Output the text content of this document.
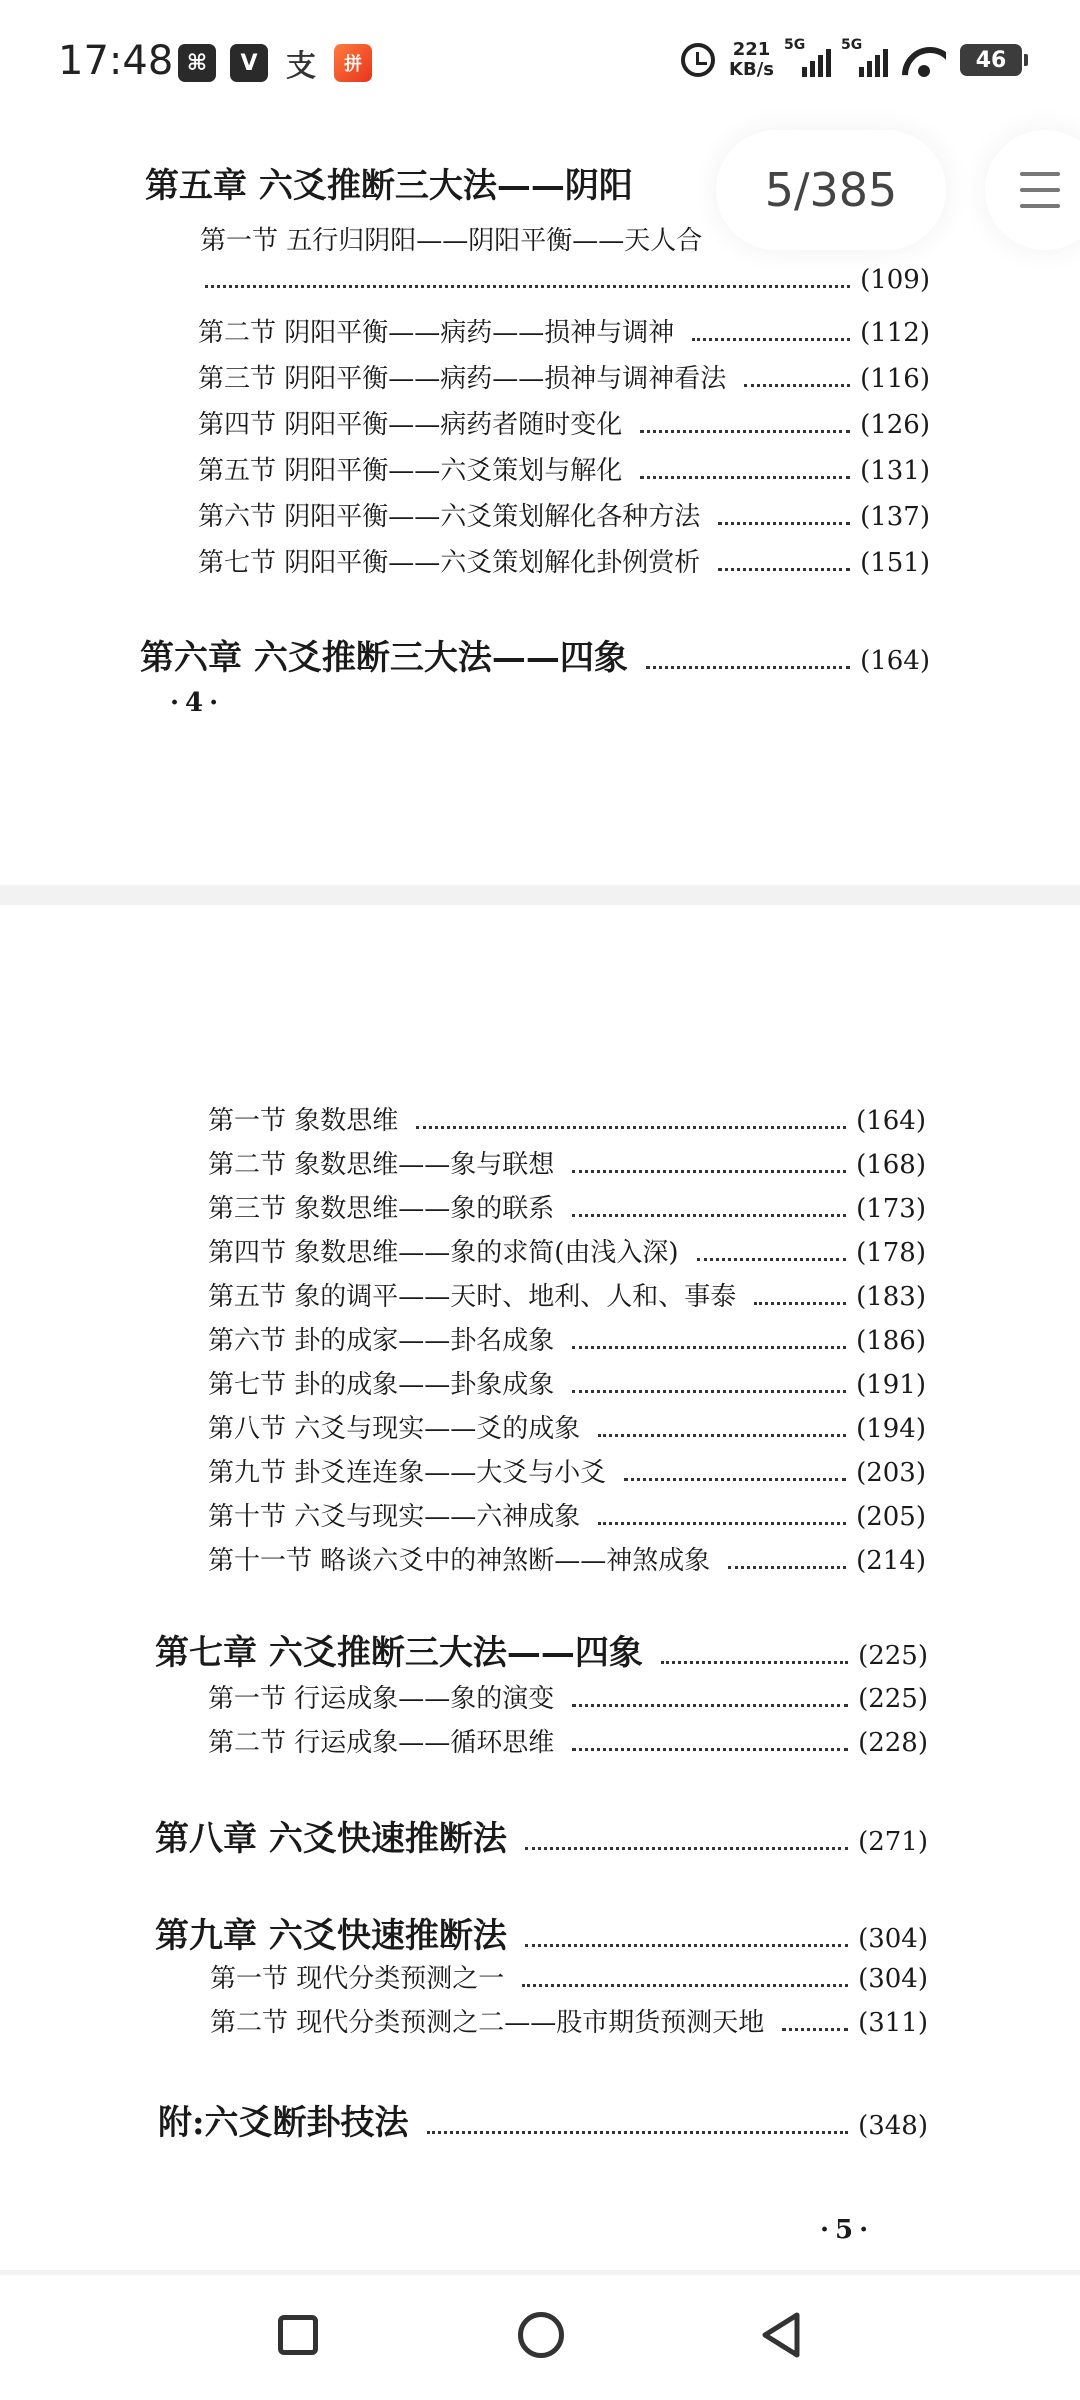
17:48 ⌘	V 支	拼
221
KB/s
5G	5G
46
第五章 六爻推断三大法——阴阳
第一节 五行归阴阳——阴阳平衡——天人合
(109)
第二节 阴阳平衡——病药——损神与调神	(112)
第三节 阴阳平衡——病药——损神与调神看法	(116)
第四节 阴阳平衡——病药者随时变化	(126)
第五节 阴阳平衡——六爻策划与解化	(131)
第六节 阴阳平衡——六爻策划解化各种方法	(137)
第七节 阴阳平衡——六爻策划解化卦例赏析	(151)
第六章 六爻推断三大法——四象	(164)
·4·
第一节 象数思维	(164)
第二节 象数思维——象与联想	(168)
第三节 象数思维——象的联系	(173)
第四节 象数思维——象的求简(由浅入深)	(178)
第五节 象的调平——天时、地利、人和、事泰	(183)
第六节 卦的成家——卦名成象	(186)
第七节 卦的成象——卦象成象	(191)
第八节 六爻与现实——爻的成象	(194)
第九节 卦爻连连象——大爻与小爻	(203)
第十节 六爻与现实——六神成象	(205)
第十一节 略谈六爻中的神煞断——神煞成象	(214)
第七章 六爻推断三大法——四象	(225)
第一节 行运成象——象的演变	(225)
第二节 行运成象——循环思维	(228)
第八章 六爻快速推断法	(271)
第九章 六爻快速推断法	(304)
第一节 现代分类预测之一	(304)
第二节 现代分类预测之二——股市期货预测天地	(311)
附:六爻断卦技法	(348)
·5·
5/385
